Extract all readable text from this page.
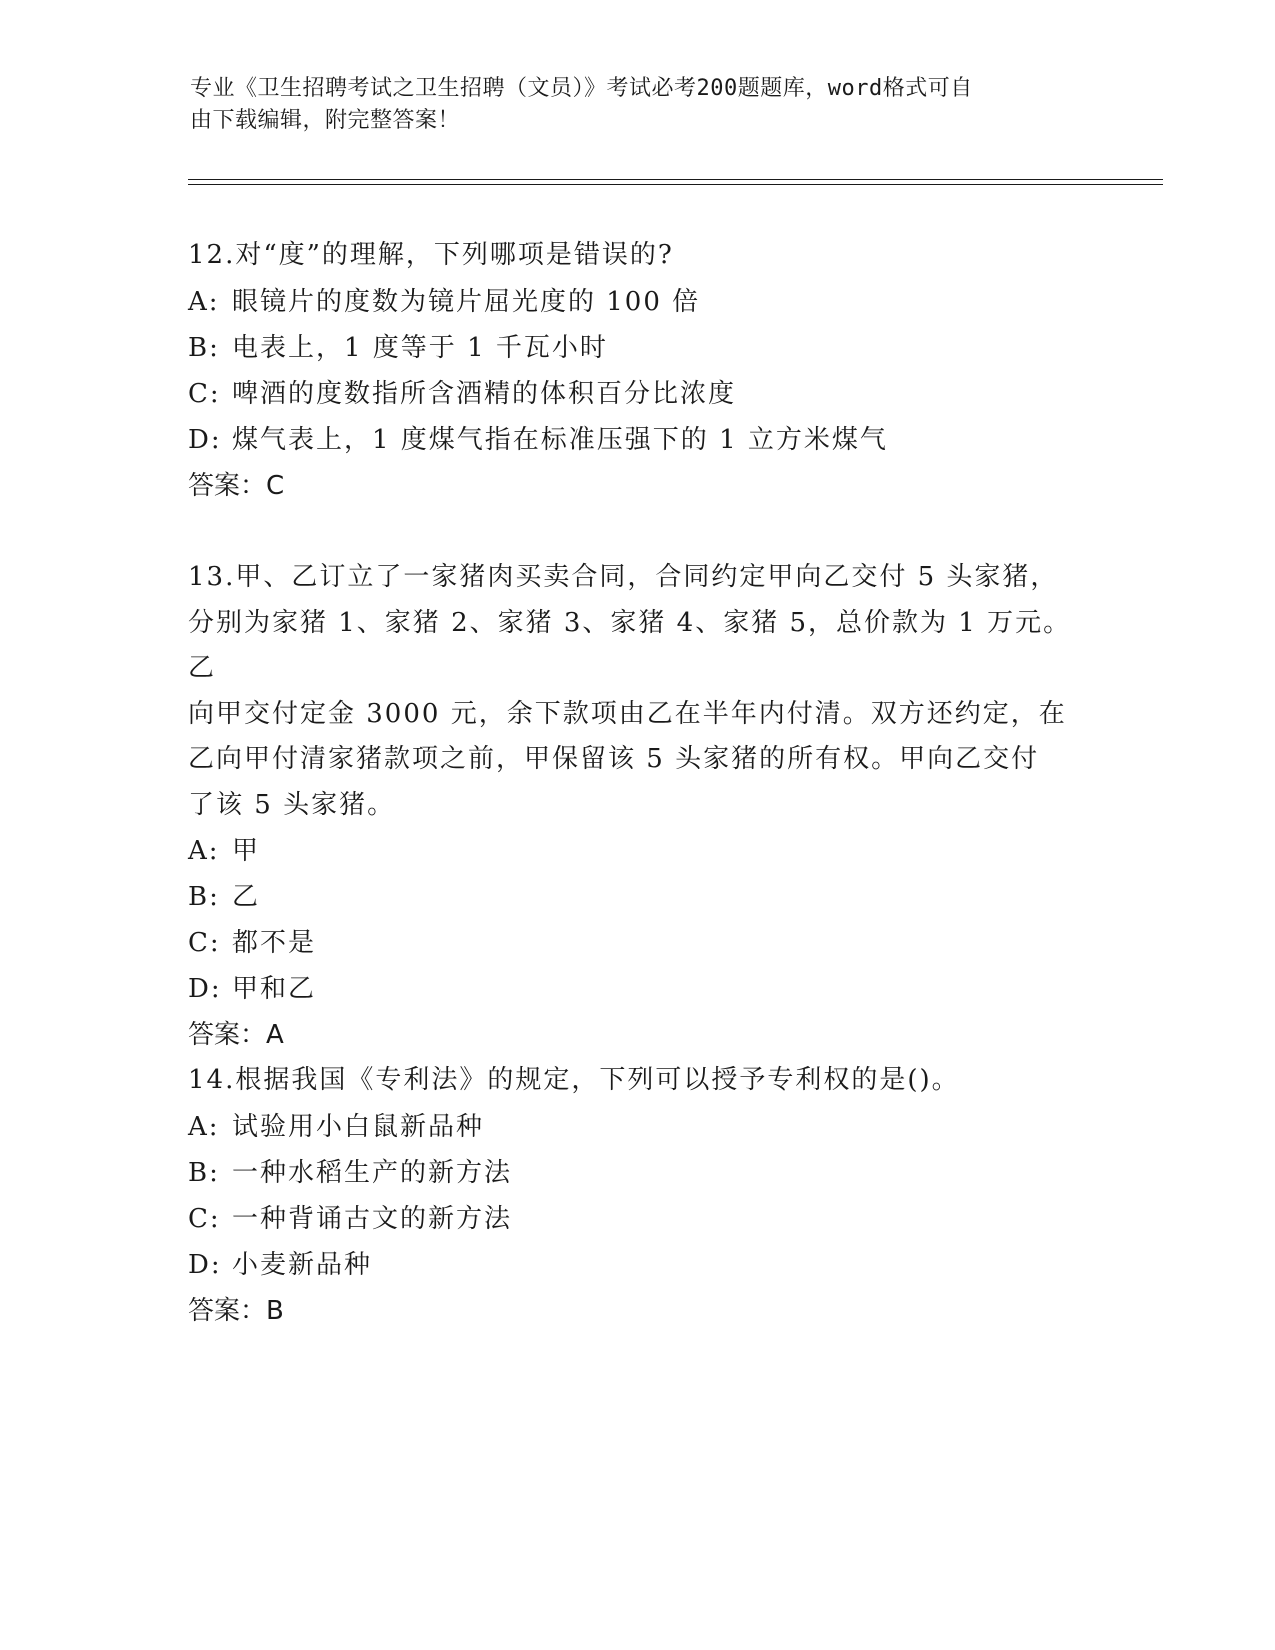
专业《卫生招聘考试之卫生招聘（文员）》考试必考200题题库，word格式可自
由下载编辑，附完整答案！

12.对“度”的理解，下列哪项是错误的?

A: 眼镜片的度数为镜片屈光度的 100 倍

B: 电表上，1 度等于 1 千瓦小时

C: 啤酒的度数指所含酒精的体积百分比浓度

D: 煤气表上，1 度煤气指在标准压强下的 1 立方米煤气

答案：C

13.甲、乙订立了一家猪肉买卖合同，合同约定甲向乙交付 5 头家猪，

分别为家猪 1、家猪 2、家猪 3、家猪 4、家猪 5，总价款为 1 万元。乙

向甲交付定金 3000 元，余下款项由乙在半年内付清。双方还约定，在

乙向甲付清家猪款项之前，甲保留该 5 头家猪的所有权。甲向乙交付

了该 5 头家猪。

A: 甲

B: 乙

C: 都不是

D: 甲和乙

答案：A

14.根据我国《专利法》的规定，下列可以授予专利权的是()。

A: 试验用小白鼠新品种

B: 一种水稻生产的新方法

C: 一种背诵古文的新方法

D: 小麦新品种

答案：B
